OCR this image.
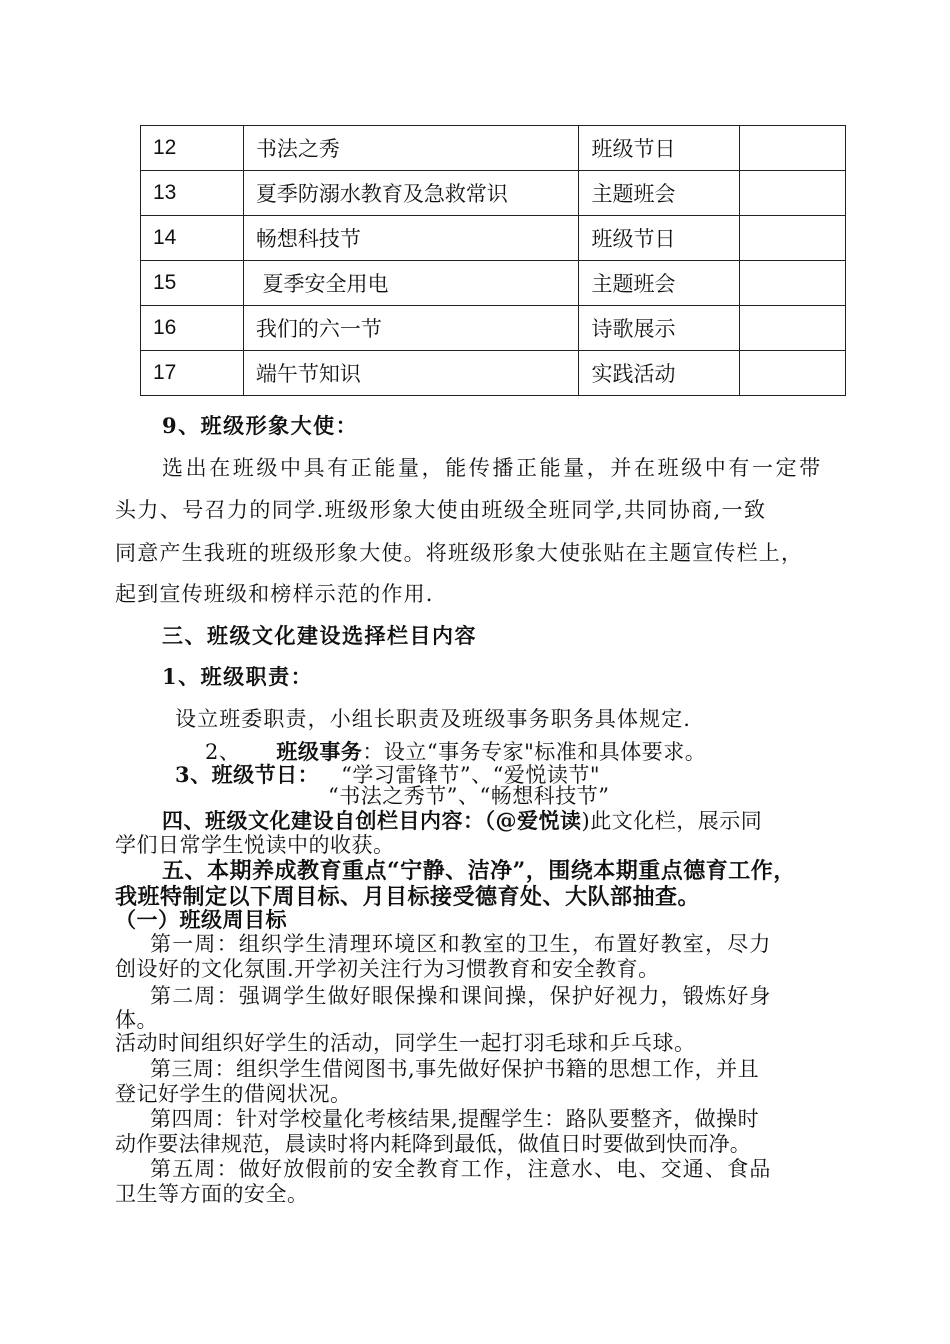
12	书法之秀	班级节日	
13	夏季防溺水教育及急救常识	主题班会	
14	畅想科技节	班级节日	
15	夏季安全用电	主题班会	
16	我们的六一节	诗歌展示	
17	端午节知识	实践活动	
9、班级形象大使：
选出在班级中具有正能量，能传播正能量，并在班级中有一定带
头力、号召力的同学.班级形象大使由班级全班同学,共同协商,一致
同意产生我班的班级形象大使。将班级形象大使张贴在主题宣传栏上，
起到宣传班级和榜样示范的作用.
三、班级文化建设选择栏目内容
1、班级职责：
设立班委职责，小组长职责及班级事务职务具体规定.
2、 班级事务：设立“事务专家"标准和具体要求。
3、班级节日： “学习雷锋节”、“爱悦读节"
“书法之秀节”、“畅想科技节”
四、班级文化建设自创栏目内容：（@爱悦读)此文化栏，展示同
学们日常学生悦读中的收获。
五、本期养成教育重点“宁静、洁净”，围绕本期重点德育工作，
我班特制定以下周目标、月目标接受德育处、大队部抽查。
（一）班级周目标
第一周：组织学生清理环境区和教室的卫生，布置好教室，尽力
创设好的文化氛围.开学初关注行为习惯教育和安全教育。
第二周：强调学生做好眼保操和课间操，保护好视力，锻炼好身
体。
活动时间组织好学生的活动，同学生一起打羽毛球和乒乓球。
第三周：组织学生借阅图书,事先做好保护书籍的思想工作，并且
登记好学生的借阅状况。
第四周：针对学校量化考核结果,提醒学生：路队要整齐，做操时
动作要法律规范，晨读时将内耗降到最低，做值日时要做到快而净。
第五周：做好放假前的安全教育工作，注意水、电、交通、食品
卫生等方面的安全。
